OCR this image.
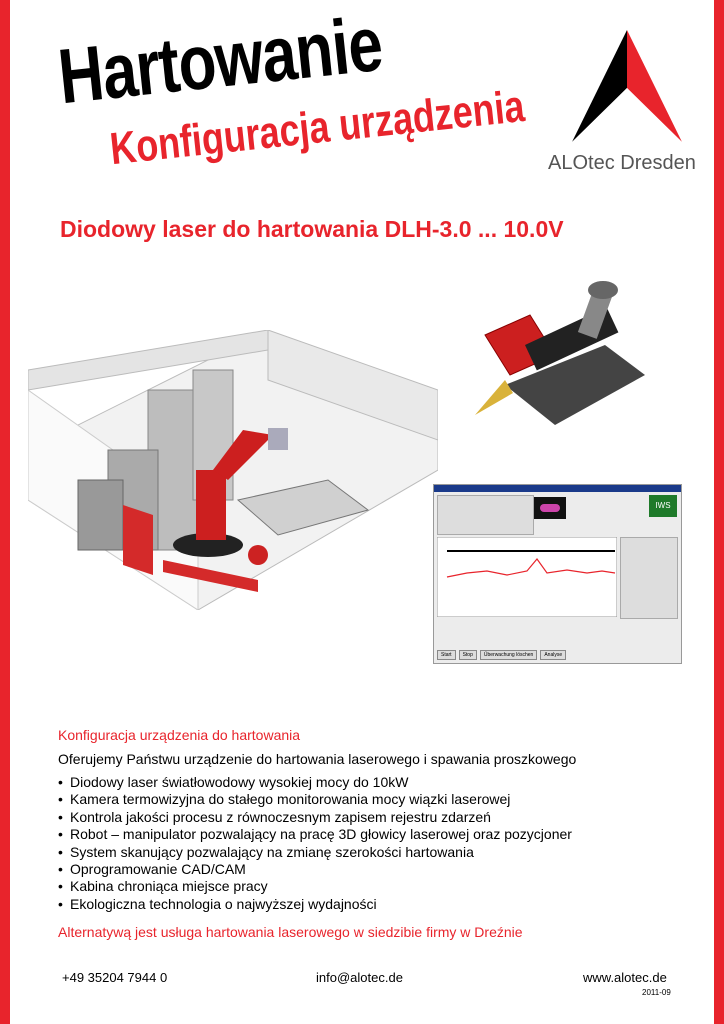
Hartowanie
Konfiguracja urządzenia ALOtec Dresden
Diodowy laser do hartowania DLH-3.0 ... 10.0V
IWS
Start	Stop	Überwachung löschen	Analyse
Konfiguracja urządzenia do hartowania
Oferujemy Państwu urządzenie do hartowania laserowego i spawania proszkowego
• Diodowy laser światłowodowy wysokiej mocy do 10kW
• Kamera termowizyjna do stałego monitorowania mocy wiązki laserowej
• Kontrola jakości procesu z równoczesnym zapisem rejestru zdarzeń
• Robot – manipulator pozwalający na pracę 3D głowicy laserowej oraz pozycjoner
• System skanujący pozwalający na zmianę szerokości hartowania
• Oprogramowanie CAD/CAM
• Kabina chroniąca miejsce pracy
• Ekologiczna technologia o najwyższej wydajności
Alternatywą jest usługa hartowania laserowego w siedzibie firmy w Dreźnie
+49 35204 7944 0	info@alotec.de	www.alotec.de
2011-09
